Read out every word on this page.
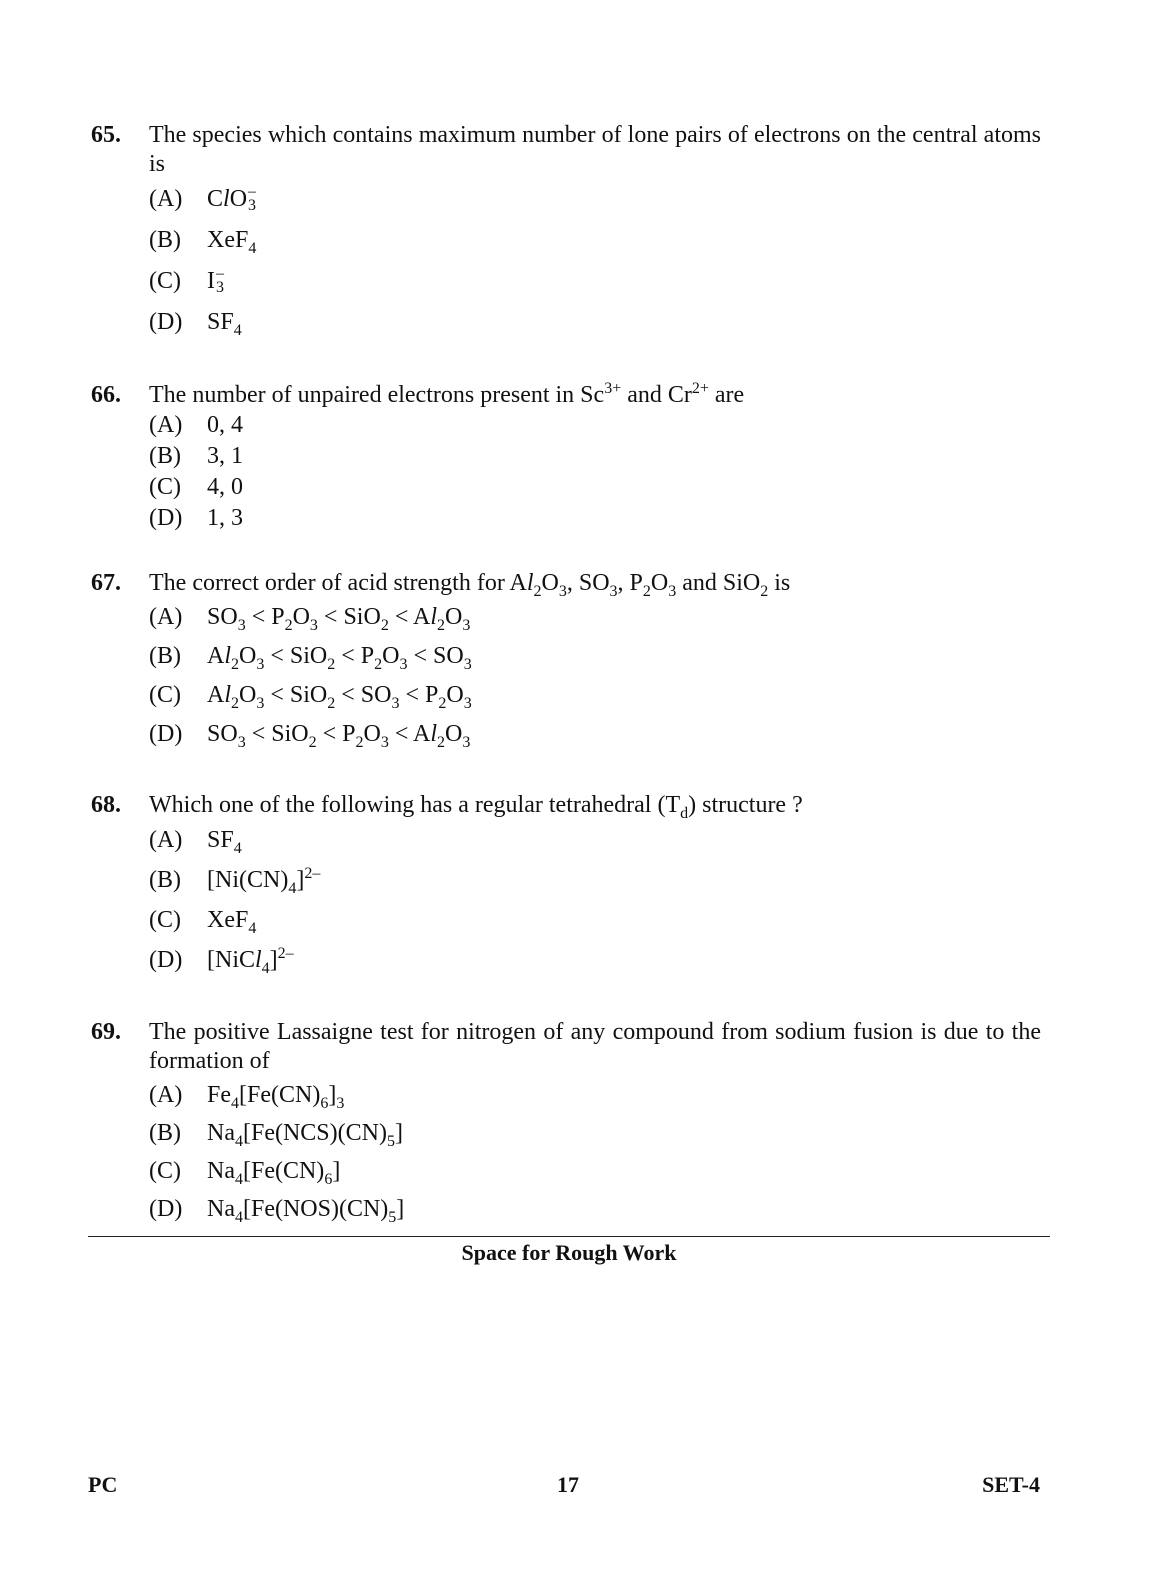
65. The species which contains maximum number of lone pairs of electrons on the central atoms is
(A)	ClO –
3
(B)	XeF$_4$
(C)	I –
3
(D)	$SF_4$
66. The number of unpaired electrons present in $Sc^{3+}$ and $Cr^{2+}$ are
(A)	0, 4
(B)	3, 1
(C)	4, 0
(D)	1, 3
67. The correct order of acid strength for $Al_2O_3$, $SO_3$, $P_2O_3$ and SiO$_2$ is
(A)	$SO_3 < P_2O_3 < SiO_2 < Al_2O_3$
(B)	$Al_2O_3 < SiO_2 < P_2O_3 < SO_3$
(C)	$Al_2O_3 < SiO_2 < SO_3 < P_2O_3$
(D)	$SO_3 < SiO_2 < P_2O_3 < Al_2O_3$
68. Which one of the following has a regular tetrahedral $(T_d)$ structure ?
(A)	$SF_4$
(B)	$[Ni(CN)_4]^{2-}$
(C)	XeF$_4$
(D)	[NiCl$_4$]$^{2-}$
69. The positive Lassaigne test for nitrogen of any compound from sodium fusion is due to the formation of
(A)	$Fe_4[Fe(CN)_6]_3$
(B)	$Na_4[Fe(NCS)(CN)_5]$
(C)	$Na_4[Fe(CN)_6]$
(D)	$Na_4[Fe(NOS)(CN)_5]$
Space for Rough Work
PC	17	SET-4
